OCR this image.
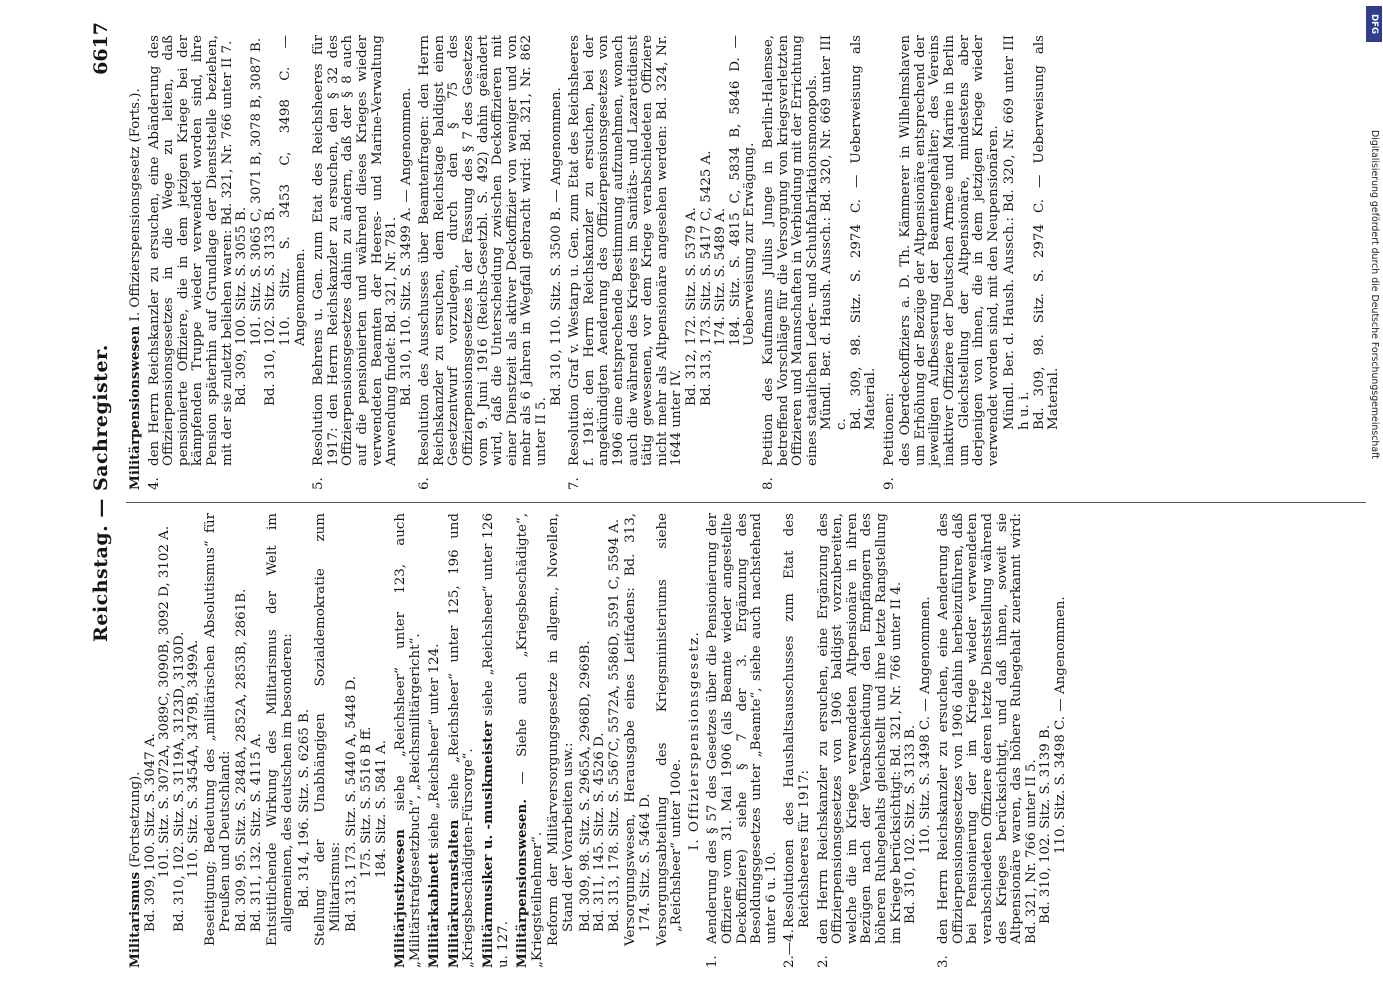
Reichstag. — Sachregister.
6617
Militarismus (Fortsetzung). Bd. 309, 100. Sitz. S. 3047 A. 101. Sitz. S. 3072A, 3089C, 3090B, 3092 D, 3102 A. Bd. 310, 102. Sitz. S. 3119A, 3123D, 3130D. 110. Sitz. S. 3454A, 3479B, 3499A. Beseitigung; Bedeutung des „militärischen Absolutismus“ für Preußen und Deutschland: Bd. 309, 95. Sitz. S. 2848A, 2852A, 2853B, 2861B. Bd. 311, 132. Sitz. S. 4115 A. Entsittlichende Wirkung des Militarismus der Welt im allgemeinen, des deutschen im besonderen: Bd. 314, 196. Sitz. S. 6265 B. Stellung der Unabhängigen Sozialdemokratie zum Militarismus: Bd. 313, 173. Sitz. S. 5440 A, 5448 D. 175. Sitz. S. 5516 B ff. 184. Sitz. S. 5841 A.
Militärjustizwesen siehe „Reichsheer“ unter 123, auch „Militärstrafgesetzbuch“, „Reichsmilitärgericht“. Militärkabinett siehe „Reichsheer“ unter 124.
Militärkuranstalten siehe „Reichsheer“ unter 125, 196 und „Kriegsbeschädigten-Fürsorge“. Militärmusiker u. -musikmeister siehe „Reichsheer“ unter 126 u. 127. Militärpensionswesen. — Siehe auch „Kriegsbeschädigte“, „Kriegsteilnehmer“. Reform der Militärversorgungsgesetze in allgem., Novellen, Stand der Vorarbeiten usw.: Bd. 309, 98. Sitz. S. 2965A, 2968D, 2969B. Bd. 311, 145. Sitz. S. 4526 D. Bd. 313, 178. Sitz. S. 5567C, 5572A, 5586D, 5591 C, 5594 A. Versorgungswesen, Herausgabe eines Leitfadens: Bd. 313, 174. Sitz. S. 5464 D. Versorgungsabteilung des Kriegsministeriums siehe „Reichsheer“ unter 100e. I. Offizierspensionsgesetz.
1.
Aenderung des § 57 des Gesetzes über die Pensionierung der Offiziere vom 31. Mai 1906 (als Beamte wieder angestellte Deckoffiziere) siehe § 7 der 3. Ergänzung des Besoldungsgesetzes unter „Beamte“, siehe auch nachstehend unter 6 u. 10.
2.—4.
Resolutionen des Haushaltsausschusses zum Etat des Reichsheeres für 1917:
2.
den Herrn Reichskanzler zu ersuchen, eine Ergänzung des Offizierpensionsgesetzes von 1906 baldigst vorzubereiten, welche die im Kriege verwendeten Altpensionäre in ihren Bezügen nach der Verabschiedung den Empfängern des höheren Ruhegehalts gleichstellt und ihre letzte Rangstellung im Kriege berücksichtigt: Bd. 321, Nr. 766 unter II 4. Bd. 310, 102. Sitz. S. 3133 B. 110. Sitz. S. 3498 C. — Angenommen.
3.
den Herrn Reichskanzler zu ersuchen, eine Aenderung des Offizierpensionsgesetzes von 1906 dahin herbeizuführen, daß bei Pensionierung der im Kriege wieder verwendeten verabschiedeten Offiziere deren letzte Dienststellung während des Krieges berücksichtigt, und daß ihnen, soweit sie Altpensionäre waren, das höhere Ruhegehalt zuerkannt wird: Bd. 321, Nr. 766 unter II 5. Bd. 310, 102. Sitz. S. 3139 B. 110. Sitz. S. 3498 C. — Angenommen.
Militärpensionswesen I. Offizierspensionsgesetz (Forts.).
4.
den Herrn Reichskanzler zu ersuchen, eine Abänderung des Offizierpensionsgesetzes in die Wege zu leiten, daß pensionierte Offiziere, die in dem jetzigen Kriege bei der kämpfenden Truppe wieder verwendet worden sind, ihre Pension späterhin auf Grundlage der Dienststelle beziehen, mit der sie zuletzt beliehen waren: Bd. 321, Nr. 766 unter II 7. Bd. 309, 100. Sitz. S. 3055 B. 101. Sitz. S. 3065 C, 3071 B, 3078 B, 3087 B. Bd. 310, 102. Sitz. S. 3133 B. 110. Sitz. S. 3453 C, 3498 C. — Angenommen.
5.
Resolution Behrens u. Gen. zum Etat des Reichsheeres für 1917: den Herrn Reichskanzler zu ersuchen, den § 32 des Offizierpensionsgesetzes dahin zu ändern, daß der § 8 auch auf die pensionierten und während dieses Krieges wieder verwendeten Beamten der Heeres- und Marine-Verwaltung Anwendung findet: Bd. 321, Nr. 781. Bd. 310, 110. Sitz. S. 3499 A. — Angenommen.
6.
Resolution des Ausschusses über Beamtenfragen: den Herrn Reichskanzler zu ersuchen, dem Reichstage baldigst einen Gesetzentwurf vorzulegen, durch den § 75 des Offizierpensionsgesetzes in der Fassung des § 7 des Gesetzes vom 9. Juni 1916 (Reichs-Gesetzbl. S. 492) dahin geändert wird, daß die Unterscheidung zwischen Deckoffizieren mit einer Dienstzeit als aktiver Deckoffizier von weniger und von mehr als 6 Jahren in Wegfall gebracht wird: Bd. 321, Nr. 862 unter II 5.
Bd. 310, 110. Sitz. S. 3500 B. — Angenommen.
7.
Resolution Graf v. Westarp u. Gen. zum Etat des Reichsheeres f. 1918: den Herrn Reichskanzler zu ersuchen, bei der angekündigten Aenderung des Offizierpensionsgesetzes von 1906 eine entsprechende Bestimmung aufzunehmen, wonach auch die während des Krieges im Sanitäts- und Lazarettdienst tätig gewesenen, vor dem Kriege verabschiedeten Offiziere nicht mehr als Altpensionäre angesehen werden: Bd. 324, Nr. 1644 unter IV.
Bd. 312, 172. Sitz. S. 5379 A. Bd. 313, 173. Sitz. S. 5417 C, 5425 A. 174. Sitz. S. 5489 A. 184. Sitz. S. 4815 C, 5834 B, 5846 D. — Ueberweisung zur Erwägung.
8.
Petition des Kaufmanns Julius Junge in Berlin-Halensee, betreffend Vorschläge für die Versorgung von kriegsverletzten Offizieren und Mannschaften in Verbindung mit der Errichtung eines staatlichen Leder- und Schuhfabrikationsmonopols. Mündl. Ber. d. Haush. Aussch.: Bd. 320, Nr. 669 unter III c. Bd. 309, 98. Sitz. S. 2974 C. — Ueberweisung als Material.
9.
Petitionen: des Oberdeckoffiziers a. D. Th. Kämmerer in Wilhelmshaven um Erhöhung der Bezüge der Altpensionäre entsprechend der jeweiligen Aufbesserung der Beamtengehälter; des Vereins inaktiver Offiziere der Deutschen Armee und Marine in Berlin um Gleichstellung der Altpensionäre, mindestens aber derjenigen von ihnen, die in dem jetzigen Kriege wieder verwendet worden sind, mit den Neupensionären. Mündl. Ber. d. Haush. Aussch.: Bd. 320, Nr. 669 unter III h u. i. Bd. 309, 98. Sitz. S. 2974 C. — Ueberweisung als Material.
DFG
Digitalisierung gefördert durch die Deutsche Forschungsgemeinschaft
